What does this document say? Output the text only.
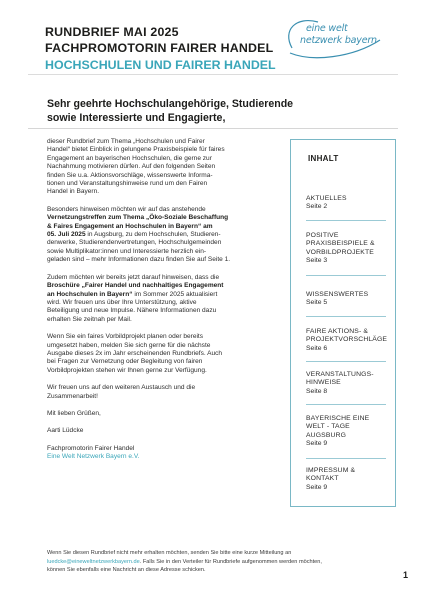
RUNDBRIEF MAI 2025
FACHPROMOTORIN FAIRER HANDEL
HOCHSCHULEN UND FAIRER HANDEL
eine welt
netzwerk bayern
Sehr geehrte Hochschulangehörige, Studierende
sowie Interessierte und Engagierte,

dieser Rundbrief zum Thema „Hochschulen und Fairer
Handel“ bietet Einblick in gelungene Praxisbeispiele für faires
Engagement an bayerischen Hochschulen, die gerne zur
Nachahmung motivieren dürfen. Auf den folgenden Seiten
finden Sie u.a. Aktionsvorschläge, wissenswerte Informa-
tionen und Veranstaltungshinweise rund um den Fairen
Handel in Bayern.

Besonders hinweisen möchten wir auf das anstehende
Vernetzungstreffen zum Thema „Öko-Soziale Beschaffung
& Faires Engagement an Hochschulen in Bayern“ am
05. Juli 2025 in Augsburg, zu dem Hochschulen, Studieren-
denwerke, Studierendenvertretungen, Hochschulgemeinden
sowie Multiplikator:innen und Interessierte herzlich ein-
geladen sind – mehr Informationen dazu finden Sie auf Seite 1.

Zudem möchten wir bereits jetzt darauf hinweisen, dass die
Broschüre „Fairer Handel und nachhaltiges Engagement
an Hochschulen in Bayern“ im Sommer 2025 aktualisiert
wird. Wir freuen uns über Ihre Unterstützung, aktive
Beteiligung und neue Impulse. Nähere Informationen dazu
erhalten Sie zeitnah per Mail.

Wenn Sie ein faires Vorbildprojekt planen oder bereits
umgesetzt haben, melden Sie sich gerne für die nächste
Ausgabe dieses 2x im Jahr erscheinenden Rundbriefs. Auch
bei Fragen zur Vernetzung oder Begleitung von fairen
Vorbildprojekten stehen wir Ihnen gerne zur Verfügung.

Wir freuen uns auf den weiteren Austausch und die
Zusammenarbeit!

Mit lieben Grüßen,

Aarti Lüdcke

Fachpromotorin Fairer Handel
Eine Welt Netzwerk Bayern e.V.

INHALT
AKTUELLES
Seite 2
POSITIVE
PRAXISBEISPIELE &
VORBILDPROJEKTE
Seite 3
WISSENSWERTES
Seite 5
FAIRE AKTIONS- &
PROJEKTVORSCHLÄGE
Seite 6
VERANSTALTUNGS-
HINWEISE
Seite 8
BAYERISCHE EINE
WELT - TAGE
AUGSBURG
Seite 9
IMPRESSUM &
KONTAKT
Seite 9
Wenn Sie diesen Rundbrief nicht mehr erhalten möchten, senden Sie bitte eine kurze Mitteilung an
luedcke@eineweltnetzwerkbayern.de. Falls Sie in den Verteiler für Rundbriefe aufgenommen werden möchten,
können Sie ebenfalls eine Nachricht an diese Adresse schicken.	1
